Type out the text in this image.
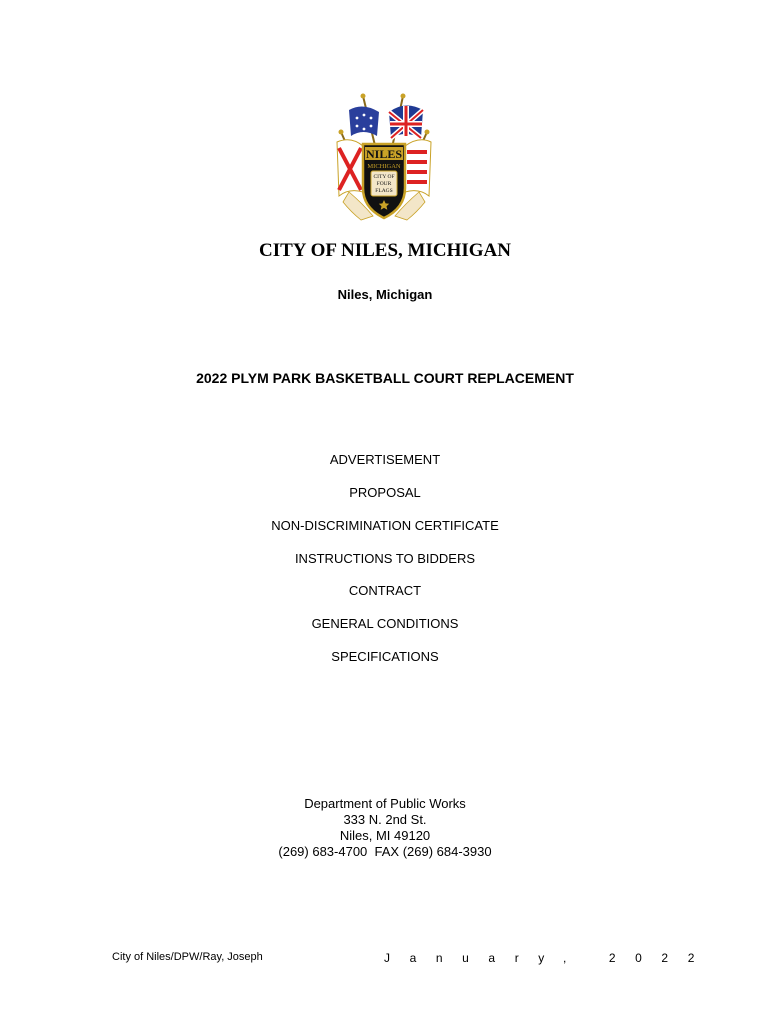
NILES
MICHIGAN
CITY OF
FOUR
FLAGS
CITY OF NILES, MICHIGAN
Niles, Michigan
2022 PLYM PARK BASKETBALL COURT REPLACEMENT
ADVERTISEMENT
PROPOSAL
NON-DISCRIMINATION CERTIFICATE
INSTRUCTIONS TO BIDDERS
CONTRACT
GENERAL CONDITIONS
SPECIFICATIONS
Department of Public Works
333 N. 2nd St.
Niles, MI 49120
(269) 683-4700  FAX (269) 684-3930
City of Niles/DPW/Ray, Joseph	January, 2022
